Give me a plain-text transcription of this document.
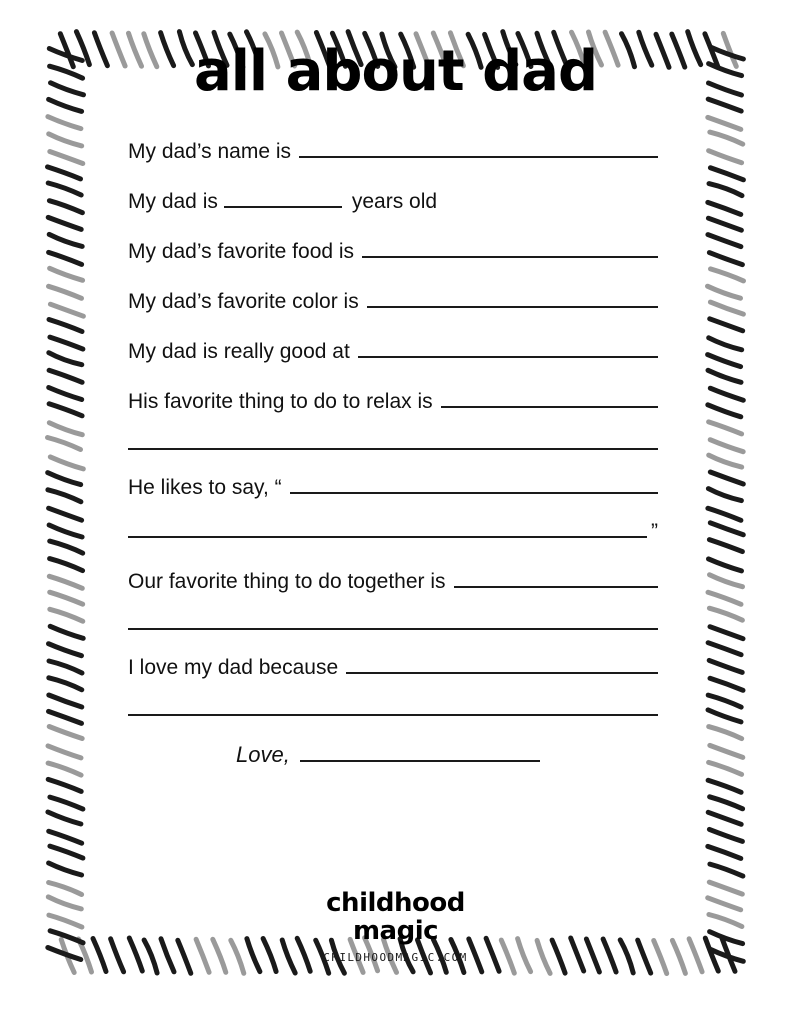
all about dad
My dad’s name is
My dad is	years old
My dad’s favorite food is
My dad’s favorite color is
My dad is really good at
His favorite thing to do to relax is
He likes to say, “
”
Our favorite thing to do together is
I love my dad because
Love,
childhood
magic
CHILDHOODMAGIC.COM
